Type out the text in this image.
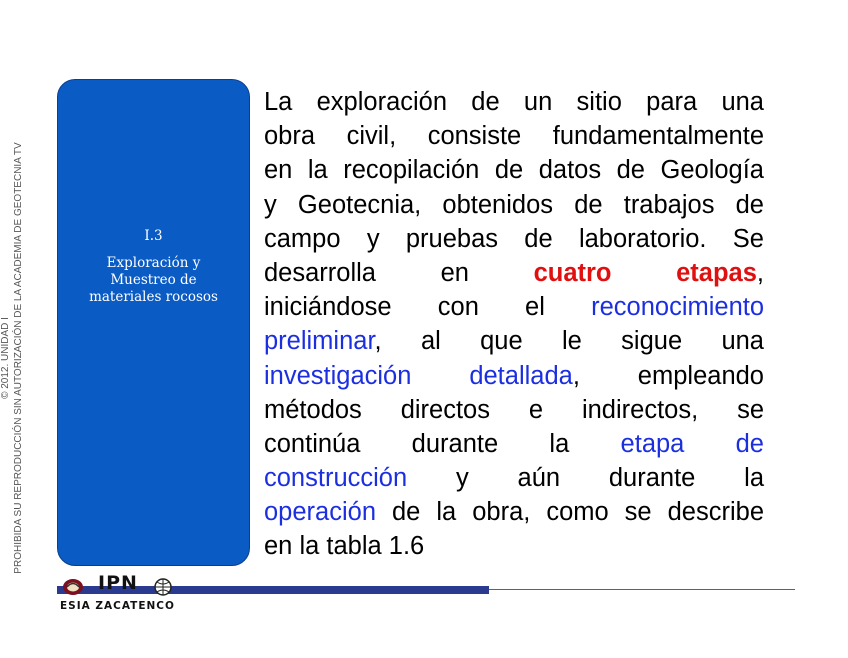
© 2012. UNIDAD I PROHIBIDA SU REPRODUCCIÓN SIN AUTORIZACIÓN DE LA ACADEMIA DE GEOTECNIA TV	I.3
Exploración y
Muestreo de
materiales rocosos
La exploración de un sitio para una
obra civil, consiste fundamentalmente
en la recopilación de datos de Geología
y Geotecnia, obtenidos de trabajos de
campo y pruebas de laboratorio. Se
desarrolla en	cuatro etapas,
iniciándose con el reconocimiento
preliminar, al que le sigue una
investigación detallada, empleando
métodos directos e indirectos, se
continúa durante la etapa de
construcción y aún durante la
operación de la obra, como se describe
en la tabla 1.6
IPN
ESIA ZACATENCO
